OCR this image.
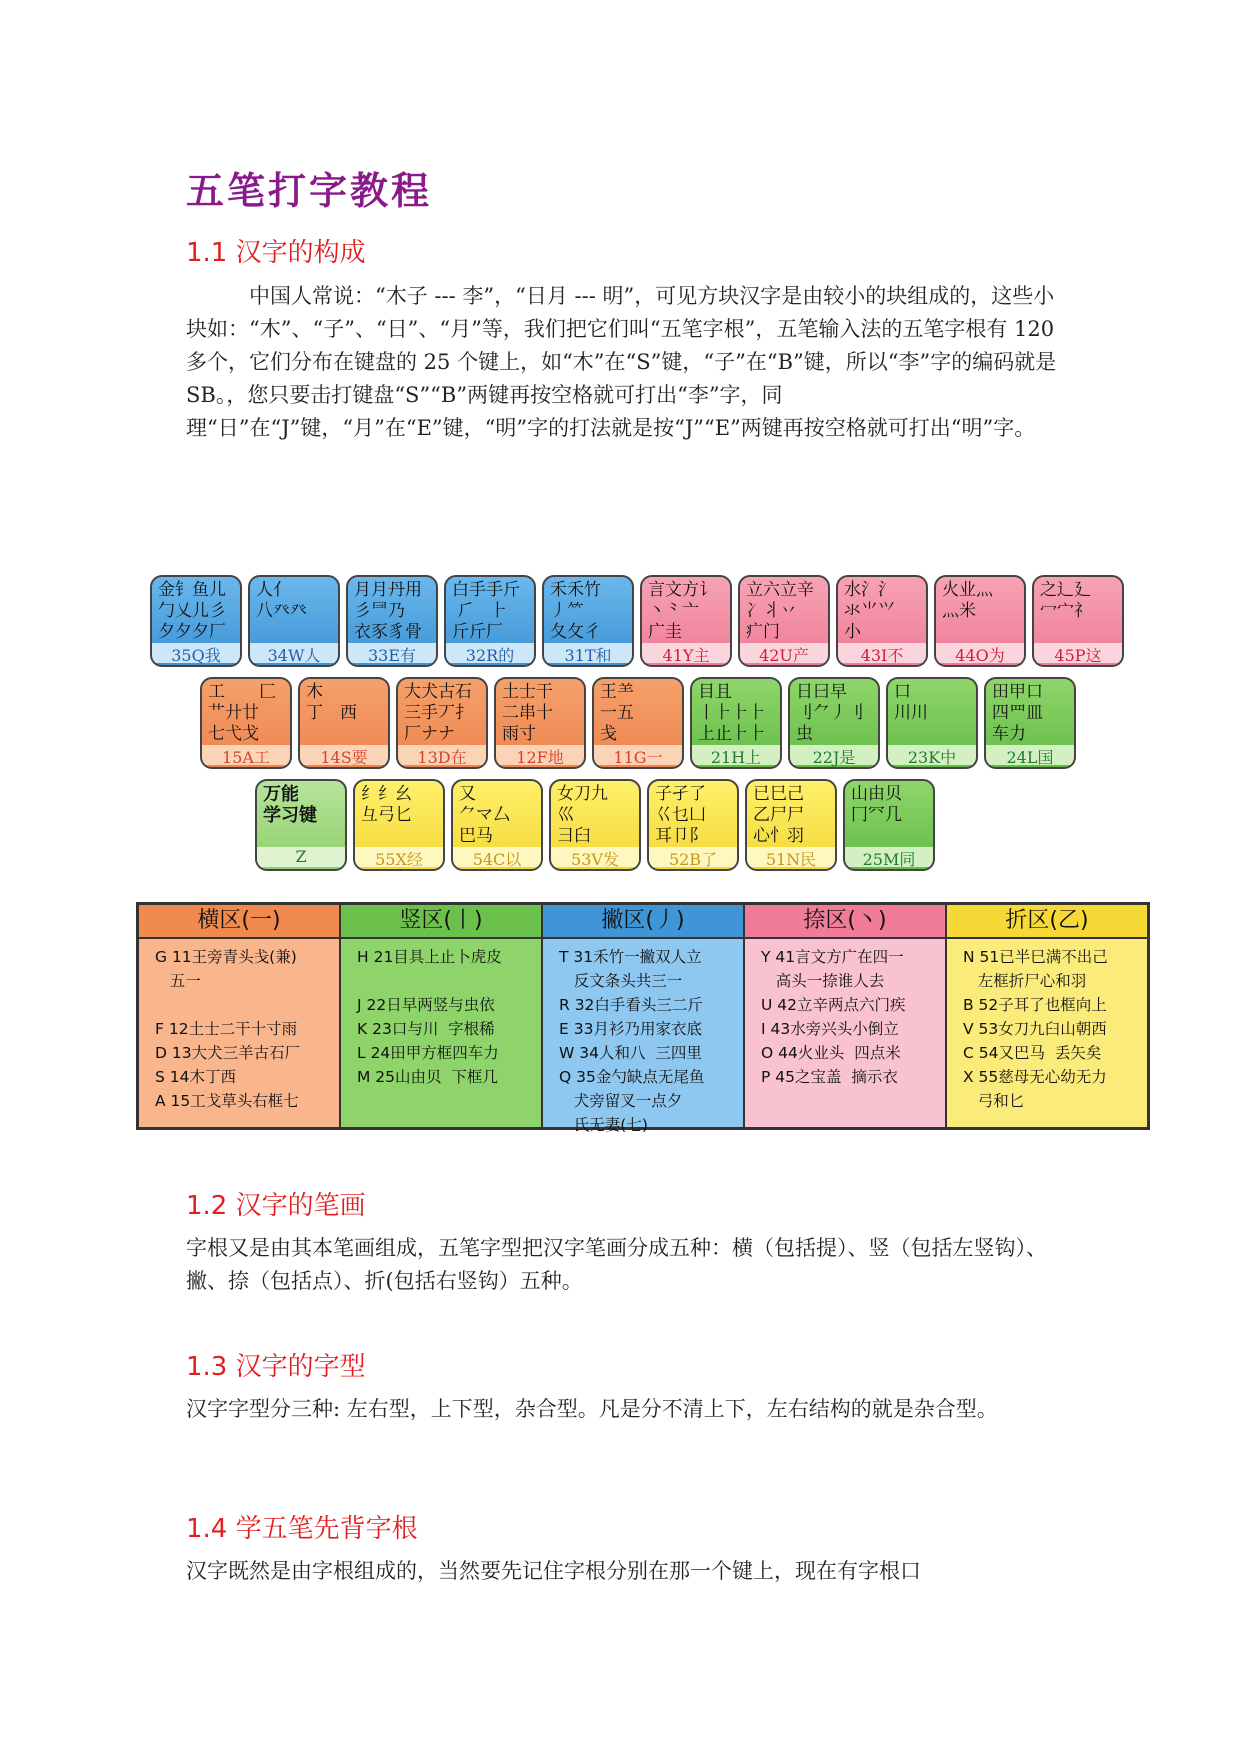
五笔打字教程
1.1 汉字的构成

　　　中国人常说：“木子 --- 李”，“日月 --- 明”，可见方块汉字是由较小的块组成的，这些小块如：“木”、“子”、“日”、“月”等，我们把它们叫“五笔字根”，五笔输入法的五笔字根有 120 多个，它们分布在键盘的 25 个键上，如“木”在“S”键，“子”在“B”键，所以“李”字的编码就是 SB。，您只要击打键盘“S”“B”两键再按空格就可打出“李”字，同理“日”在“J”键，“月”在“E”键，“明”字的打法就是按“J”“E”两键再按空格就可打出“明”字。

金钅鱼儿
勹乂儿彡
夕夕夕厂
35Q我
人亻
八癶癶
34W人
月月丹用
彡⺜乃
衣豕豸⻣
33E有
白手手斤
⺁   ⺊
斤斤厂
32R的
禾禾竹
丿⺮
夂攵彳
31T和
言文方讠
丶⺀亠
广圭
41Y主
立六立辛
冫丬丷
疒门
42U产
水氵⺡
氺⺌⺍
小
43I不
火业灬
灬米
44O为
之辶廴
冖宀礻
45P这
工　　匚
艹廾廿
七弋戈
15A工
木
丁　西
14S要
大犬古石
三手丆⺘
厂ナナ
13D在
土士干
二串十
雨寸
12F地
王⺷
一五
戋
11G一
目且
丨⺊⺊⺊
上止⺊⺊
21H上
日曰早
刂⺈丿刂
虫
22J是
口
川川
23K中
田甲口
四罒皿
车力
24L国
万能
学习键
Z
纟纟幺
彑弓匕
55X经
又
⺈マ厶
巴马
54C以
女刀九
巛
彐臼
53V发
子孑了
巜乜凵
耳卩阝
52B了
已巳己
乙尸尸
心忄羽
51N民
山由贝
冂⺳几
25M同
横区(一)
G 11王旁青头戋(兼)
五一

F 12土士二干十寸雨
D 13大犬三羊古石厂
S 14木丁西
A 15工戈草头右框七
竖区(丨)
H 21目具上止卜虎皮

J 22日早两竖与虫依
K 23口与川  字根稀
L 24田甲方框四车力
M 25山由贝  下框几
撇区(丿)
T 31禾竹一撇双人立
反文条头共三一
R 32白手看头三二斤
E 33月衫乃用家衣底
W 34人和八  三四里
Q 35金勺缺点无尾鱼
犬旁留叉一点夕
氏无妻(七)
捺区(丶)
Y 41言文方广在四一
高头一捺谁人去
U 42立辛两点六门疾
I 43水旁兴头小倒立
O 44火业头  四点米
P 45之宝盖  摘示衣
折区(乙)
N 51已半巳满不出己
左框折尸心和羽
B 52子耳了也框向上
V 53女刀九臼山朝西
C 54又巴马  丢矢矣
X 55慈母无心幼无力
弓和匕
1.2 汉字的笔画

字根又是由其本笔画组成，五笔字型把汉字笔画分成五种：横（包括提）、竖（包括左竖钩）、撇、捺（包括点）、折(包括右竖钩）五种。

1.3 汉字的字型

汉字字型分三种: 左右型，上下型，杂合型。凡是分不清上下，左右结构的就是杂合型。

1.4 学五笔先背字根

汉字既然是由字根组成的，当然要先记住字根分别在那一个键上，现在有字根口
